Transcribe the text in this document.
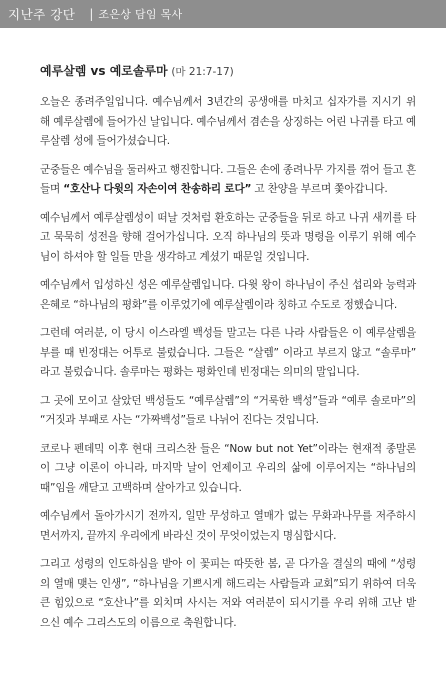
지난주 강단 | 조은상 담임 목사
예루살렘 vs 예로솔루마 (마 21:7-17)

오늘은 종려주일입니다. 예수님께서 3년간의 공생애를 마치고 십자가를 지시기 위해 예루살렘에 들어가신 날입니다. 예수님께서 겸손을 상징하는 어린 나귀를 타고 예루살렘 성에 들어가셨습니다.

군중들은 예수님을 둘러싸고 행진합니다. 그들은 손에 종려나무 가지를 꺾어 들고 흔들며 “호산나 다윗의 자손이여 찬송하리 로다” 고 찬양을 부르며 쫓아갑니다.

예수님께서 예루살렘성이 떠날 것처럼 환호하는 군중들을 뒤로 하고 나귀 새끼를 타고 묵묵히 성전을 향해 걸어가십니다. 오직 하나님의 뜻과 명령을 이루기 위해 예수님이 하셔야 할 일들 만을 생각하고 계셨기 때문일 것입니다.

예수님께서 입성하신 성은 예루살렘입니다. 다윗 왕이 하나님이 주신 섭리와 능력과 은혜로 “하나님의 평화”를 이루었기에 예루살렘이라 칭하고 수도로 정했습니다.

그런데 여러분, 이 당시 이스라엘 백성들 말고는 다른 나라 사람들은 이 예루살렘을 부를 때 빈정대는 어투로 불렀습니다. 그들은 “살렘” 이라고 부르지 않고 “솔루마” 라고 불렀습니다. 솔루마는 평화는 평화인데 빈정대는 의미의 말입니다.

그 곳에 모이고 살았던 백성들도 “예루살렘”의 “거룩한 백성”들과 “예루 솔로마”의 “거짓과 부패로 사는 “가짜백성”들로 나뉘어 진다는 것입니다.

코로나 펜데믹 이후 현대 크리스찬 들은 “Now but not Yet”이라는 현재적 종말론이 그냥 이론이 아니라, 마지막 날이 언제이고 우리의 삶에 이루어지는 “하나님의 때”임을 깨닫고 고백하며 살아가고 있습니다.

예수님께서 돌아가시기 전까지, 일만 무성하고 열매가 없는 무화과나무를 저주하시면서까지, 끝까지 우리에게 바라신 것이 무엇이었는지 명심합시다.

그리고 성령의 인도하심을 받아 이 꽃피는 따뜻한 봄, 곧 다가올 결실의 때에 “성령의 열매 맺는 인생”, “하나님을 기쁘시게 해드리는 사람들과 교회”되기 위하여 더욱 큰 힘있으로 “호산나”를 외치며 사시는 저와 여러분이 되시기를 우리 위해 고난 받으신 예수 그리스도의 이름으로 축원합니다.
